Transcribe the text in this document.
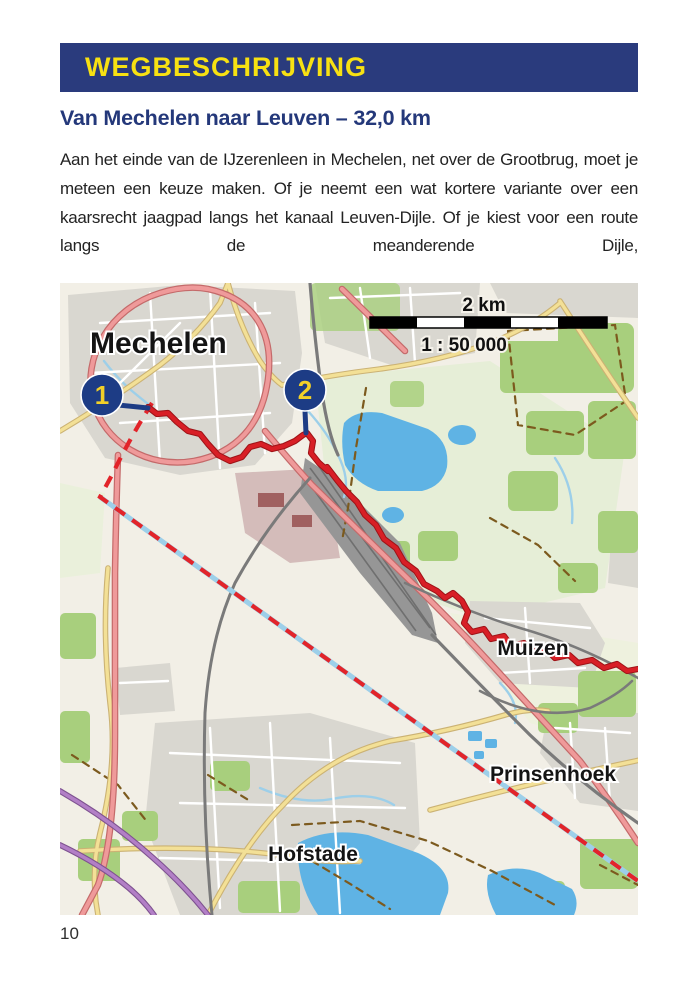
WEGBESCHRIJVING
Van Mechelen naar Leuven – 32,0 km
Aan het einde van de IJzerenleen in Mechelen, net over de Grootbrug, moet je meteen een keuze maken. Of je neemt een wat kortere variante over een kaarsrecht jaagpad langs het kanaal Leuven-Dijle. Of je kiest voor een route langs de meanderende Dijle,
1	2
2 km
1 : 50 000
Mechelen
Muizen
Prinsenhoek
Hofstade
10
